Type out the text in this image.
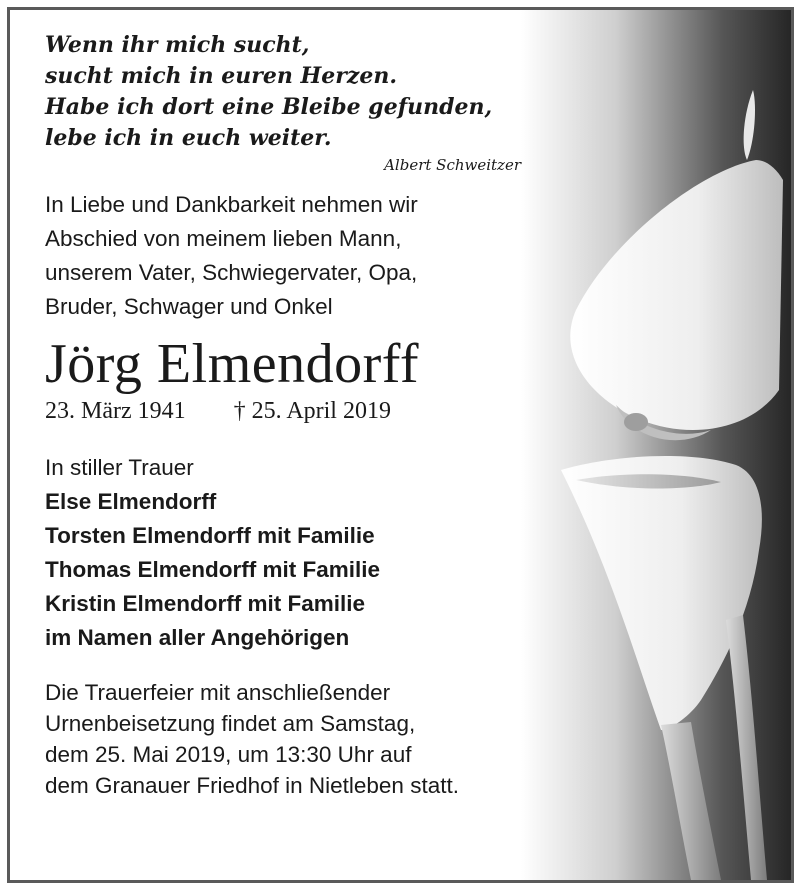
Wenn ihr mich sucht,
sucht mich in euren Herzen.
Habe ich dort eine Bleibe gefunden,
lebe ich in euch weiter.
Albert Schweitzer
In Liebe und Dankbarkeit nehmen wir
Abschied von meinem lieben Mann,
unserem Vater, Schwiegervater, Opa,
Bruder, Schwager und Onkel
Jörg Elmendorff
23. März 1941 † 25. April 2019
In stiller Trauer
Else Elmendorff
Torsten Elmendorff mit Familie
Thomas Elmendorff mit Familie
Kristin Elmendorff mit Familie
im Namen aller Angehörigen
Die Trauerfeier mit anschließender
Urnenbeisetzung findet am Samstag,
dem 25. Mai 2019, um 13:30 Uhr auf
dem Granauer Friedhof in Nietleben statt.
